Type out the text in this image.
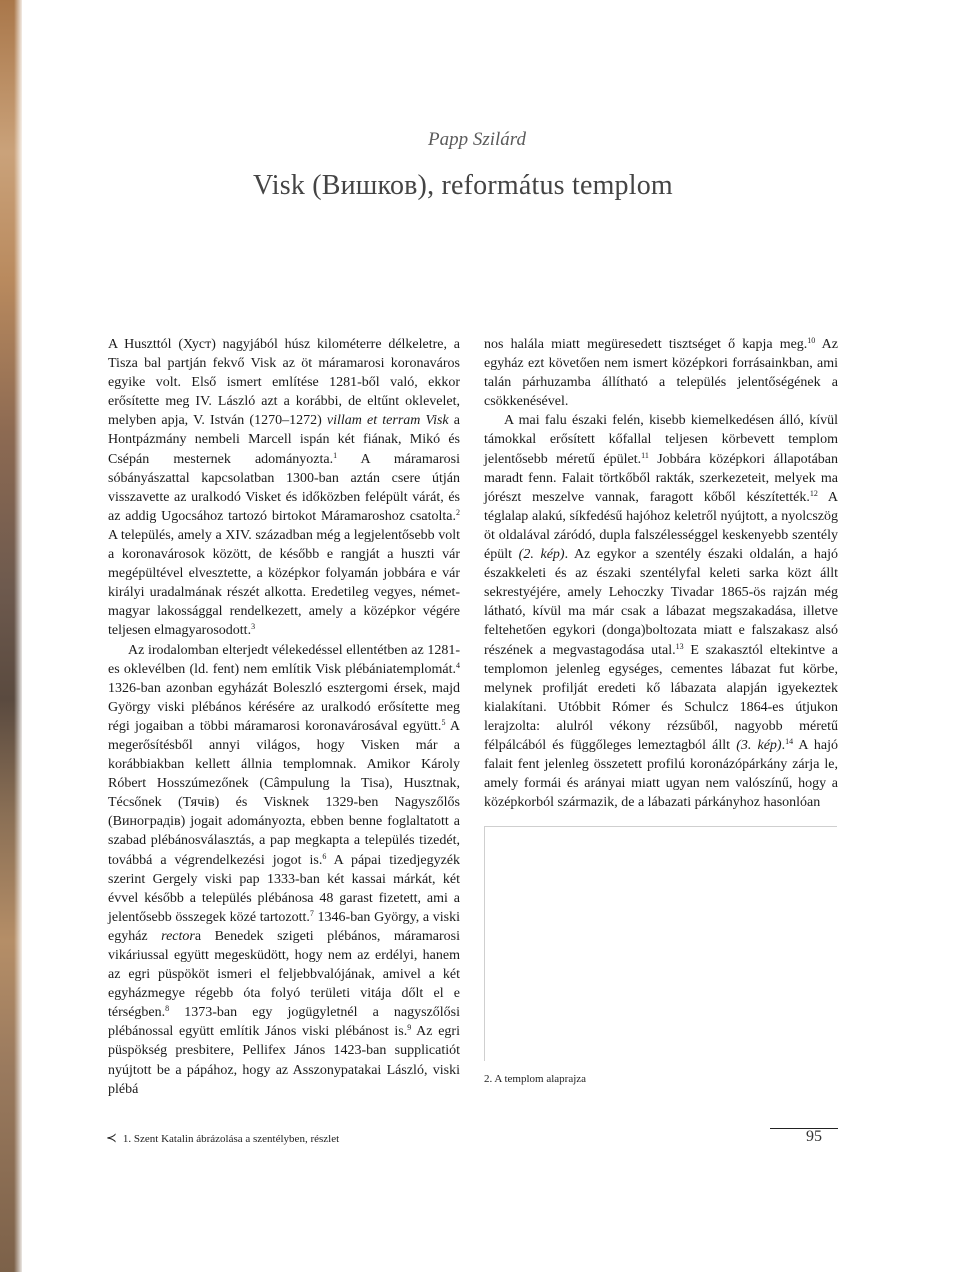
Papp Szilárd
Visk (Вишков), református templom

A Huszttól (Хуст) nagyjából húsz kilométerre délkeletre, a Tisza bal partján fekvő Visk az öt máramarosi koronaváros egyike volt. Első ismert említése 1281-ből való, ekkor erősítette meg IV. László azt a korábbi, de eltűnt oklevelet, melyben apja, V. István (1270–1272) villam et terram Visk a Hontpázmány nembeli Marcell ispán két fiának, Mikó és Csépán mesternek adományozta.$^1$ A máramarosi sóbányászattal kapcsolatban 1300-ban aztán csere útján visszavette az uralkodó Visket és időközben felépült várát, és az addig Ugocsához tartozó birtokot Máramaroshoz csatolta.$^2$ A település, amely a XIV. században még a legjelentősebb volt a koronavárosok között, de később e rangját a huszti vár megépültével elvesztette, a középkor folyamán jobbára e vár királyi uradalmának részét alkotta. Eredetileg vegyes, német-magyar lakossággal rendelkezett, amely a középkor végére teljesen elmagyarosodott.$^3$

Az irodalomban elterjedt vélekedéssel ellentétben az 1281-es oklevélben (ld. fent) nem említik Visk plébániatemplomát.$^4$ 1326-ban azonban egyházát Boleszló esztergomi érsek, majd György viski plébános kérésére az uralkodó erősítette meg régi jogaiban a többi máramarosi koronavárosával együtt.$^5$ A megerősítésből annyi világos, hogy Visken már a korábbiakban kellett állnia templomnak. Amikor Károly Róbert Hosszúmezőnek (Câmpulung la Tisa), Husztnak, Técsőnek (Тячів) és Visknek 1329-ben Nagyszőlős (Виноградів) jogait adományozta, ebben benne foglaltatott a szabad plébánosválasztás, a pap megkapta a település tizedét, továbbá a végrendelkezési jogot is.$^6$ A pápai tizedjegyzék szerint Gergely viski pap 1333-ban két kassai márkát, két évvel később a település plébánosa 48 garast fizetett, ami a jelentősebb összegek közé tartozott.$^7$ 1346-ban György, a viski egyház rectora Benedek szigeti plébános, máramarosi vikáriussal együtt megesküdött, hogy nem az erdélyi, hanem az egri püspököt ismeri el feljebbvalójának, amivel a két egyházmegye régebb óta folyó területi vitája dőlt el e térségben.$^8$ 1373-ban egy jogügyletnél a nagyszőlősi plébánossal együtt említik János viski plébánost is.$^9$ Az egri püspökség presbitere, Pellifex János 1423-ban supplicatiót nyújtott be a pápához, hogy az Asszonypatakai László, viski plébá

nos halála miatt megüresedett tisztséget ő kapja meg.$^{10}$ Az egyház ezt követően nem ismert középkori forrásainkban, ami talán párhuzamba állítható a település jelentőségének a csökkenésével.

A mai falu északi felén, kisebb kiemelkedésen álló, kívül támokkal erősített kőfallal teljesen körbevett templom jelentősebb méretű épület.$^{11}$ Jobbára középkori állapotában maradt fenn. Falait törtkőből rakták, szerkezeteit, melyek ma jórészt meszelve vannak, faragott kőből készítették.$^{12}$ A téglalap alakú, síkfedésű hajóhoz keletről nyújtott, a nyolcszög öt oldalával záródó, dupla falszélességgel keskenyebb szentély épült (2. kép). Az egykor a szentély északi oldalán, a hajó északkeleti és az északi szentélyfal keleti sarka közt állt sekrestyéjére, amely Lehoczky Tivadar 1865-ös rajzán még látható, kívül ma már csak a lábazat megszakadása, illetve feltehetően egykori (donga)boltozata miatt e falszakasz alsó részének a megvastagodása utal.$^{13}$ E szakasztól eltekintve a templomon jelenleg egységes, cementes lábazat fut körbe, melynek profilját eredeti kő lábazata alapján igyekeztek kialakítani. Utóbbit Rómer és Schulcz 1864-es útjukon lerajzolta: alulról vékony rézsűből, nagyobb méretű félpálcából és függőleges lemeztagból állt (3. kép).$^{14}$ A hajó falait fent jelenleg összetett profilú koronázópárkány zárja le, amely formái és arányai miatt ugyan nem valószínű, hogy a középkorból származik, de a lábazati párkányhoz hasonlóan

2. A templom alaprajza
≺ 1. Szent Katalin ábrázolása a szentélyben, részlet	95
